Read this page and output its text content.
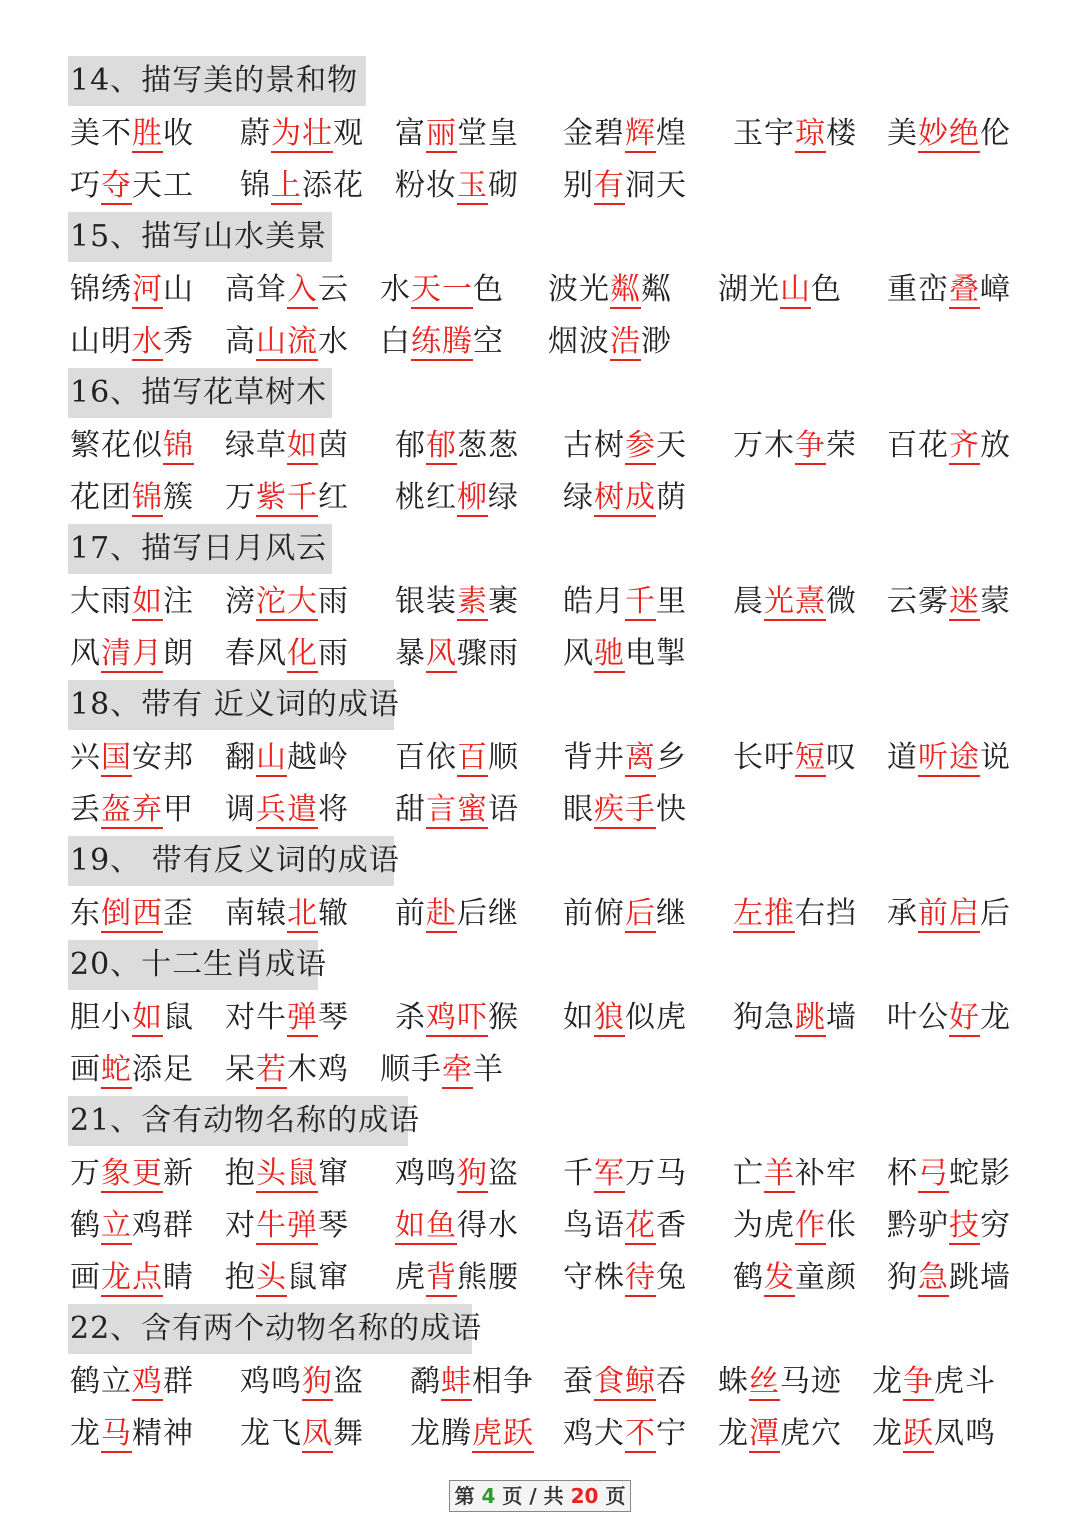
14、描写美的景和物
美不胜收 蔚为壮观 富丽堂皇 金碧辉煌 玉宇琼楼 美妙绝伦
巧夺天工 锦上添花 粉妆玉砌 别有洞天
15、描写山水美景
锦绣河山 高耸入云 水天一色 波光粼粼 湖光山色 重峦叠嶂
山明水秀 高山流水 白练腾空 烟波浩渺
16、描写花草树木
繁花似锦 绿草如茵 郁郁葱葱 古树参天 万木争荣 百花齐放
花团锦簇 万紫千红 桃红柳绿 绿树成荫
17、描写日月风云
大雨如注 滂沱大雨 银装素裹 皓月千里 晨光熹微 云雾迷蒙
风清月朗 春风化雨 暴风骤雨 风驰电掣
18、带有 近义词的成语
兴国安邦 翻山越岭 百依百顺 背井离乡 长吁短叹 道听途说
丢盔弃甲 调兵遣将 甜言蜜语 眼疾手快
19、 带有反义词的成语
东倒西歪 南辕北辙 前赴后继 前俯后继 左推右挡 承前启后
20、十二生肖成语
胆小如鼠 对牛弹琴 杀鸡吓猴 如狼似虎 狗急跳墙 叶公好龙
画蛇添足 呆若木鸡 顺手牵羊
21、含有动物名称的成语
万象更新 抱头鼠窜 鸡鸣狗盗 千军万马 亡羊补牢 杯弓蛇影
鹤立鸡群 对牛弹琴 如鱼得水 鸟语花香 为虎作伥 黔驴技穷
画龙点睛 抱头鼠窜 虎背熊腰 守株待兔 鹤发童颜 狗急跳墙
22、含有两个动物名称的成语
鹤立鸡群 鸡鸣狗盗 鹬蚌相争 蚕食鲸吞 蛛丝马迹 龙争虎斗
龙马精神 龙飞凤舞 龙腾虎跃 鸡犬不宁 龙潭虎穴 龙跃凤鸣
第 4 页 / 共 20 页
